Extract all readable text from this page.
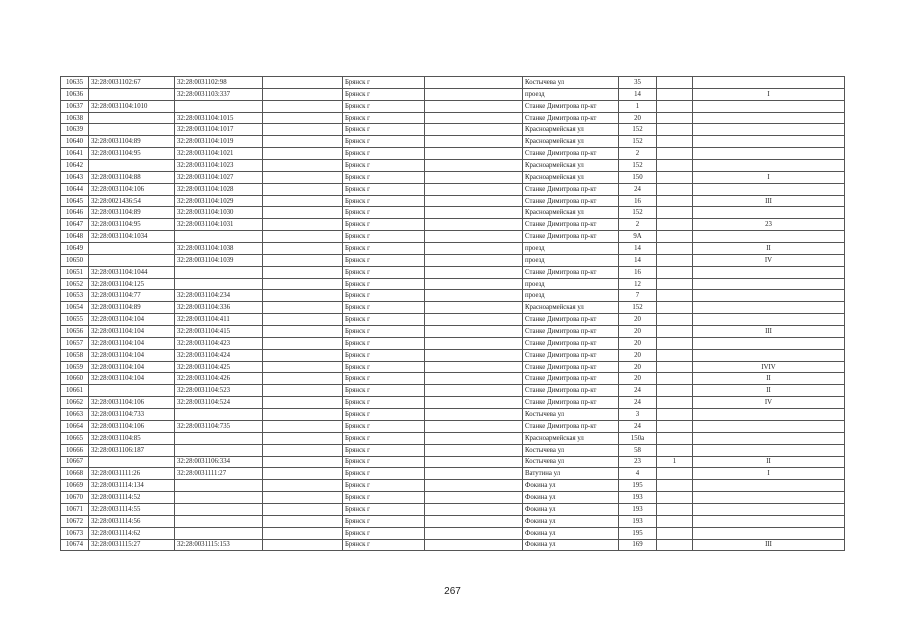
10635	32:28:0031102:67	32:28:0031102:98		Брянск г		Костычева ул	35		
10636		32:28:0031103:337		Брянск г		проезд	14		I
10637	32:28:0031104:1010			Брянск г		Станке Димитрова пр-кт	1		
10638		32:28:0031104:1015		Брянск г		Станке Димитрова пр-кт	20		
10639		32:28:0031104:1017		Брянск г		Красноармейская ул	152		
10640	32:28:0031104:89	32:28:0031104:1019		Брянск г		Красноармейская ул	152		
10641	32:28:0031104:95	32:28:0031104:1021		Брянск г		Станке Димитрова пр-кт	2		
10642		32:28:0031104:1023		Брянск г		Красноармейская ул	152		
10643	32:28:0031104:88	32:28:0031104:1027		Брянск г		Красноармейская ул	150		I
10644	32:28:0031104:106	32:28:0031104:1028		Брянск г		Станке Димитрова пр-кт	24		
10645	32:28:0021436:54	32:28:0031104:1029		Брянск г		Станке Димитрова пр-кт	16		III
10646	32:28:0031104:89	32:28:0031104:1030		Брянск г		Красноармейская ул	152		
10647	32:28:0031104:95	32:28:0031104:1031		Брянск г		Станке Димитрова пр-кт	2		23
10648	32:28:0031104:1034			Брянск г		Станке Димитрова пр-кт	9А		
10649		32:28:0031104:1038		Брянск г		проезд	14		II
10650		32:28:0031104:1039		Брянск г		проезд	14		IV
10651	32:28:0031104:1044			Брянск г		Станке Димитрова пр-кт	16		
10652	32:28:0031104:125			Брянск г		проезд	12		
10653	32:28:0031104:77	32:28:0031104:234		Брянск г		проезд	7		
10654	32:28:0031104:89	32:28:0031104:336		Брянск г		Красноармейская ул	152		
10655	32:28:0031104:104	32:28:0031104:411		Брянск г		Станке Димитрова пр-кт	20		
10656	32:28:0031104:104	32:28:0031104:415		Брянск г		Станке Димитрова пр-кт	20		III
10657	32:28:0031104:104	32:28:0031104:423		Брянск г		Станке Димитрова пр-кт	20		
10658	32:28:0031104:104	32:28:0031104:424		Брянск г		Станке Димитрова пр-кт	20		
10659	32:28:0031104:104	32:28:0031104:425		Брянск г		Станке Димитрова пр-кт	20		IVIV
10660	32:28:0031104:104	32:28:0031104:426		Брянск г		Станке Димитрова пр-кт	20		II
10661		32:28:0031104:523		Брянск г		Станке Димитрова пр-кт	24		II
10662	32:28:0031104:106	32:28:0031104:524		Брянск г		Станке Димитрова пр-кт	24		IV
10663	32:28:0031104:733			Брянск г		Костычева ул	3		
10664	32:28:0031104:106	32:28:0031104:735		Брянск г		Станке Димитрова пр-кт	24		
10665	32:28:0031104:85			Брянск г		Красноармейская ул	150а		
10666	32:28:0031106:187			Брянск г		Костычева ул	58		
10667		32:28:0031106:334		Брянск г		Костычева ул	23	1	II
10668	32:28:0031111:26	32:28:0031111:27		Брянск г		Ватутина ул	4		I
10669	32:28:0031114:134			Брянск г		Фокина ул	195		
10670	32:28:0031114:52			Брянск г		Фокина ул	193		
10671	32:28:0031114:55			Брянск г		Фокина ул	193		
10672	32:28:0031114:56			Брянск г		Фокина ул	193		
10673	32:28:0031114:62			Брянск г		Фокина ул	195		
10674	32:28:0031115:27	32:28:0031115:153		Брянск г		Фокина ул	169		III
267
